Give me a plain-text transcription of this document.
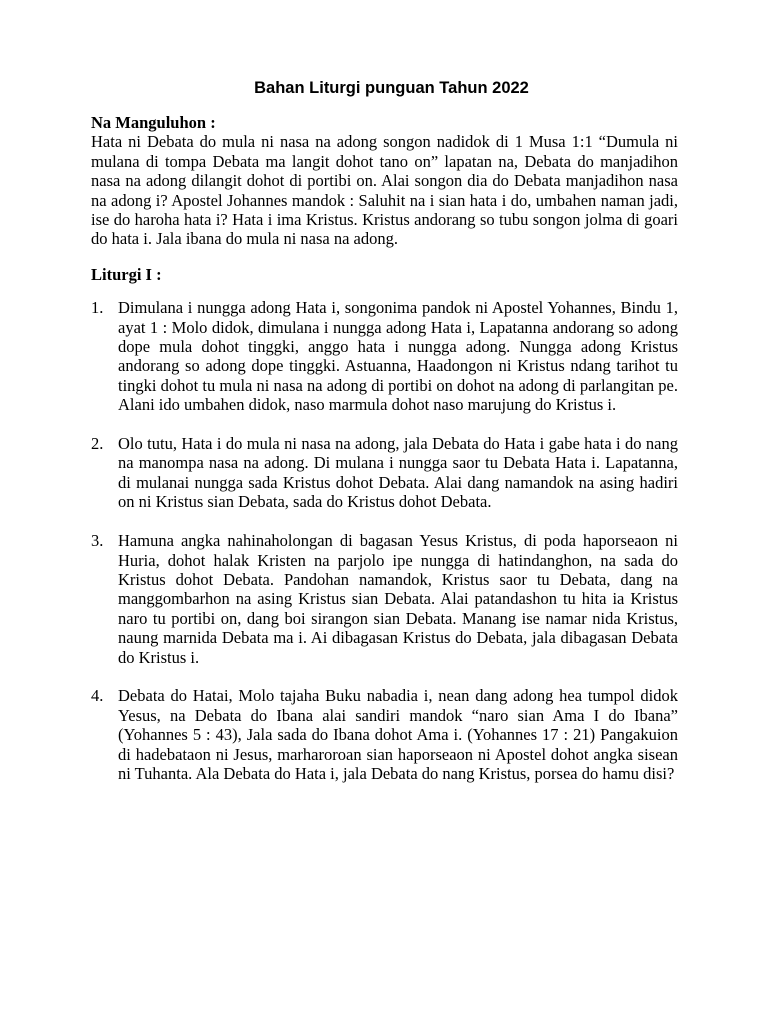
Bahan Liturgi punguan Tahun 2022

Na Manguluhon :

Hata ni Debata do mula ni nasa na adong songon nadidok di 1 Musa 1:1 “Dumula ni mulana di tompa Debata ma langit dohot tano on” lapatan na, Debata do manjadihon nasa na adong dilangit dohot di portibi on. Alai songon dia do Debata manjadihon nasa na adong i? Apostel Johannes mandok : Saluhit na i sian hata i do, umbahen naman jadi, ise do haroha hata i? Hata i ima Kristus. Kristus andorang so tubu songon jolma di goari do hata i. Jala ibana do mula ni nasa na adong.

Liturgi I :

1. Dimulana i nungga adong Hata i, songonima pandok ni Apostel Yohannes, Bindu 1, ayat 1 : Molo didok, dimulana i nungga adong Hata i, Lapatanna andorang so adong dope mula dohot tinggki, anggo hata i nungga adong. Nungga adong Kristus andorang so adong dope tinggki. Astuanna, Haadongon ni Kristus ndang tarihot tu tingki dohot tu mula ni nasa na adong di portibi on dohot na adong di parlangitan pe. Alani ido umbahen didok, naso marmula dohot naso marujung do Kristus i.
2. Olo tutu, Hata i do mula ni nasa na adong, jala Debata do Hata i gabe hata i do nang na manompa nasa na adong. Di mulana i nungga saor tu Debata Hata i. Lapatanna, di mulanai nungga sada Kristus dohot Debata. Alai dang namandok na asing hadiri on ni Kristus sian Debata, sada do Kristus dohot Debata.
3. Hamuna angka nahinaholongan di bagasan Yesus Kristus, di poda haporseaon ni Huria, dohot halak Kristen na parjolo ipe nungga di hatindanghon, na sada do Kristus dohot Debata. Pandohan namandok, Kristus saor tu Debata, dang na manggombarhon na asing Kristus sian Debata. Alai patandashon tu hita ia Kristus naro tu portibi on, dang boi sirangon sian Debata. Manang ise namar nida Kristus, naung marnida Debata ma i. Ai dibagasan Kristus do Debata, jala dibagasan Debata do Kristus i.
4. Debata do Hatai, Molo tajaha Buku nabadia i, nean dang adong hea tumpol didok Yesus, na Debata do Ibana alai sandiri mandok “naro sian Ama I do Ibana” (Yohannes 5 : 43), Jala sada do Ibana dohot Ama i. (Yohannes 17 : 21) Pangakuion di hadebataon ni Jesus, marharoroan sian haporseaon ni Apostel dohot angka sisean ni Tuhanta. Ala Debata do Hata i, jala Debata do nang Kristus, porsea do hamu disi?
